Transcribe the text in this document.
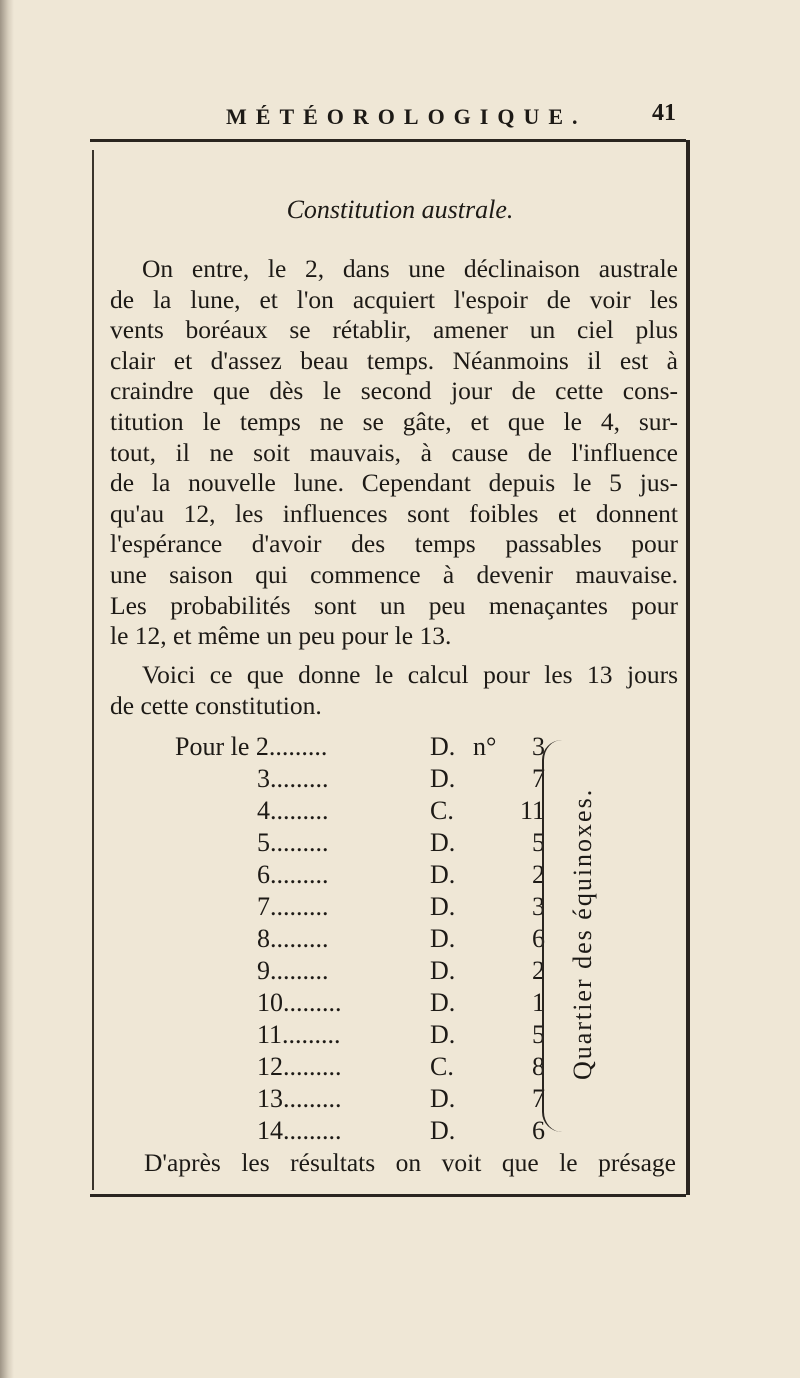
MÉTÉOROLOGIQUE.	41
Constitution australe.
On entre, le 2, dans une déclinaison australe
de la lune, et l'on acquiert l'espoir de voir les
vents boréaux se rétablir, amener un ciel plus
clair et d'assez beau temps. Néanmoins il est à
craindre que dès le second jour de cette cons-
titution le temps ne se gâte, et que le 4, sur-
tout, il ne soit mauvais, à cause de l'influence
de la nouvelle lune. Cependant depuis le 5 jus-
qu'au 12, les influences sont foibles et donnent
l'espérance d'avoir des temps passables pour
une saison qui commence à devenir mauvaise.
Les probabilités sont un peu menaçantes pour
le 12, et même un peu pour le 13.
Voici ce que donne le calcul pour les 13 jours
de cette constitution.
Pour le 2.........	D. n° 3
3.........	D.	7
4.........	C.	11
5.........	D.	5
6.........	D.	2
7.........	D.	3
8.........	D.	6
9.........	D.	2
10.........	D.	1
11.........	D.	5
12.........	C.	8
13.........	D.	7
14.........	D.	6
Quartier des équinoxes.
D'après les résultats on voit que le présage
